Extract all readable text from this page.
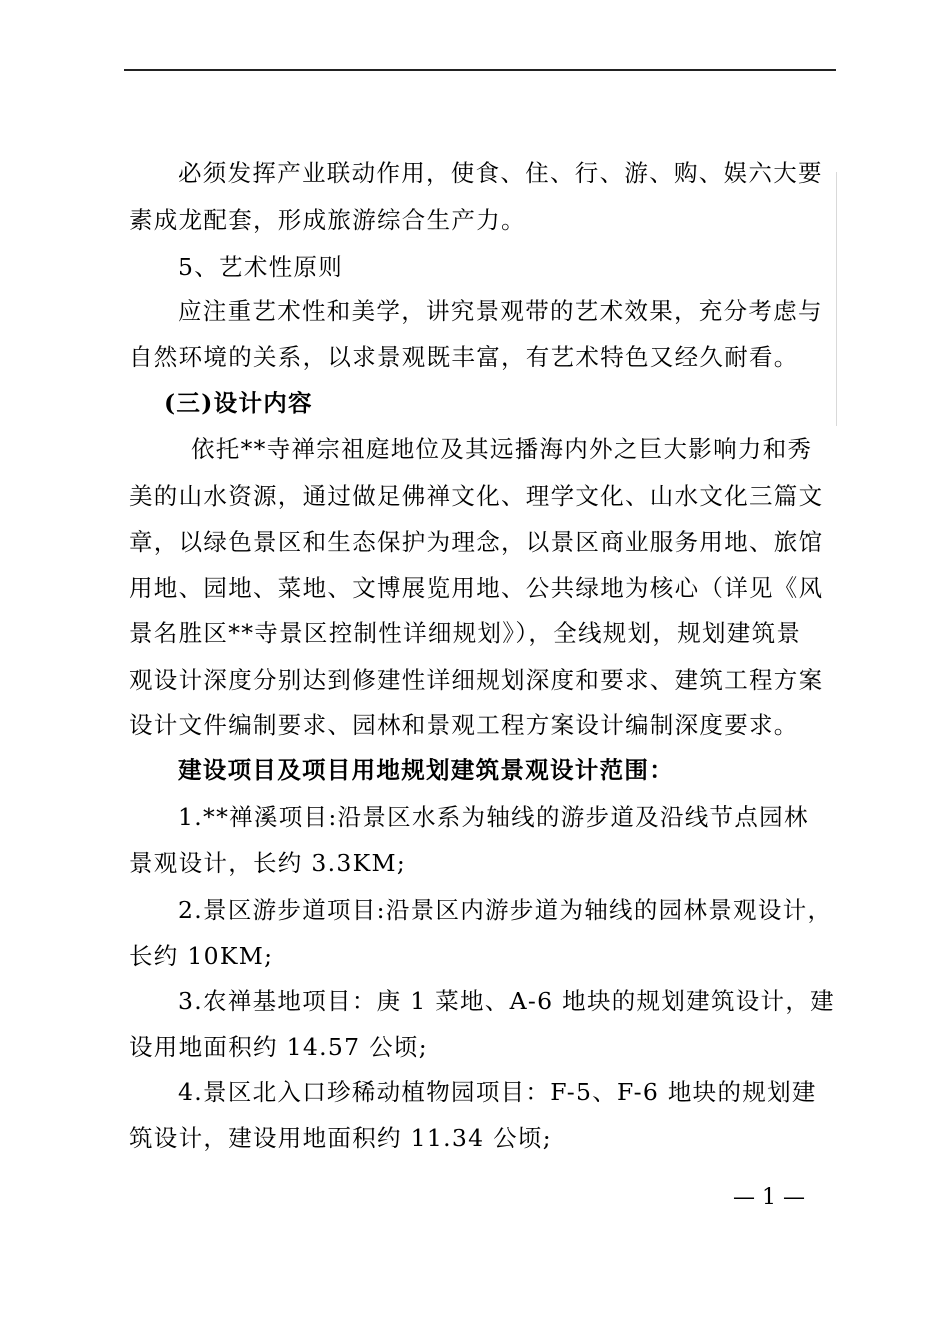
必须发挥产业联动作用，使食、住、行、游、购、娱六大要

素成龙配套，形成旅游综合生产力。

5、艺术性原则

应注重艺术性和美学，讲究景观带的艺术效果，充分考虑与

自然环境的关系，以求景观既丰富，有艺术特色又经久耐看。

(三)设计内容

依托**寺禅宗祖庭地位及其远播海内外之巨大影响力和秀

美的山水资源，通过做足佛禅文化、理学文化、山水文化三篇文

章，以绿色景区和生态保护为理念，以景区商业服务用地、旅馆

用地、园地、菜地、文博展览用地、公共绿地为核心（详见《风

景名胜区**寺景区控制性详细规划》），全线规划，规划建筑景

观设计深度分别达到修建性详细规划深度和要求、建筑工程方案

设计文件编制要求、园林和景观工程方案设计编制深度要求。

建设项目及项目用地规划建筑景观设计范围：

1.**禅溪项目:沿景区水系为轴线的游步道及沿线节点园林

景观设计，长约 3.3KM;

2.景区游步道项目:沿景区内游步道为轴线的园林景观设计，

长约 10KM;

3.农禅基地项目：庚 1 菜地、A-6 地块的规划建筑设计，建

设用地面积约 14.57 公顷;

4.景区北入口珍稀动植物园项目：F-5、F-6 地块的规划建

筑设计，建设用地面积约 11.34 公顷;

— 1 —
